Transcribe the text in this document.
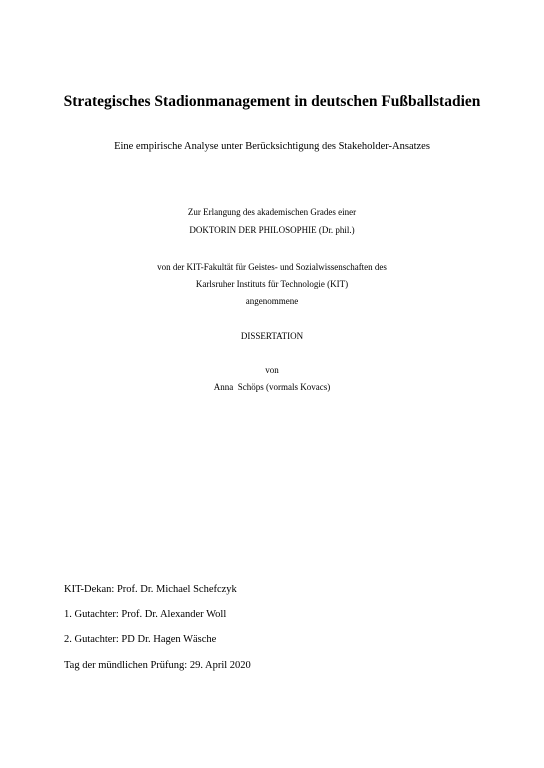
Strategisches Stadionmanagement in deutschen Fußballstadien
Eine empirische Analyse unter Berücksichtigung des Stakeholder-Ansatzes
Zur Erlangung des akademischen Grades einer
DOKTORIN DER PHILOSOPHIE (Dr. phil.)
von der KIT-Fakultät für Geistes- und Sozialwissenschaften des
Karlsruher Instituts für Technologie (KIT)
angenommene
DISSERTATION
von
Anna  Schöps (vormals Kovacs)
KIT-Dekan: Prof. Dr. Michael Schefczyk
1. Gutachter: Prof. Dr. Alexander Woll
2. Gutachter: PD Dr. Hagen Wäsche
Tag der mündlichen Prüfung: 29. April 2020
